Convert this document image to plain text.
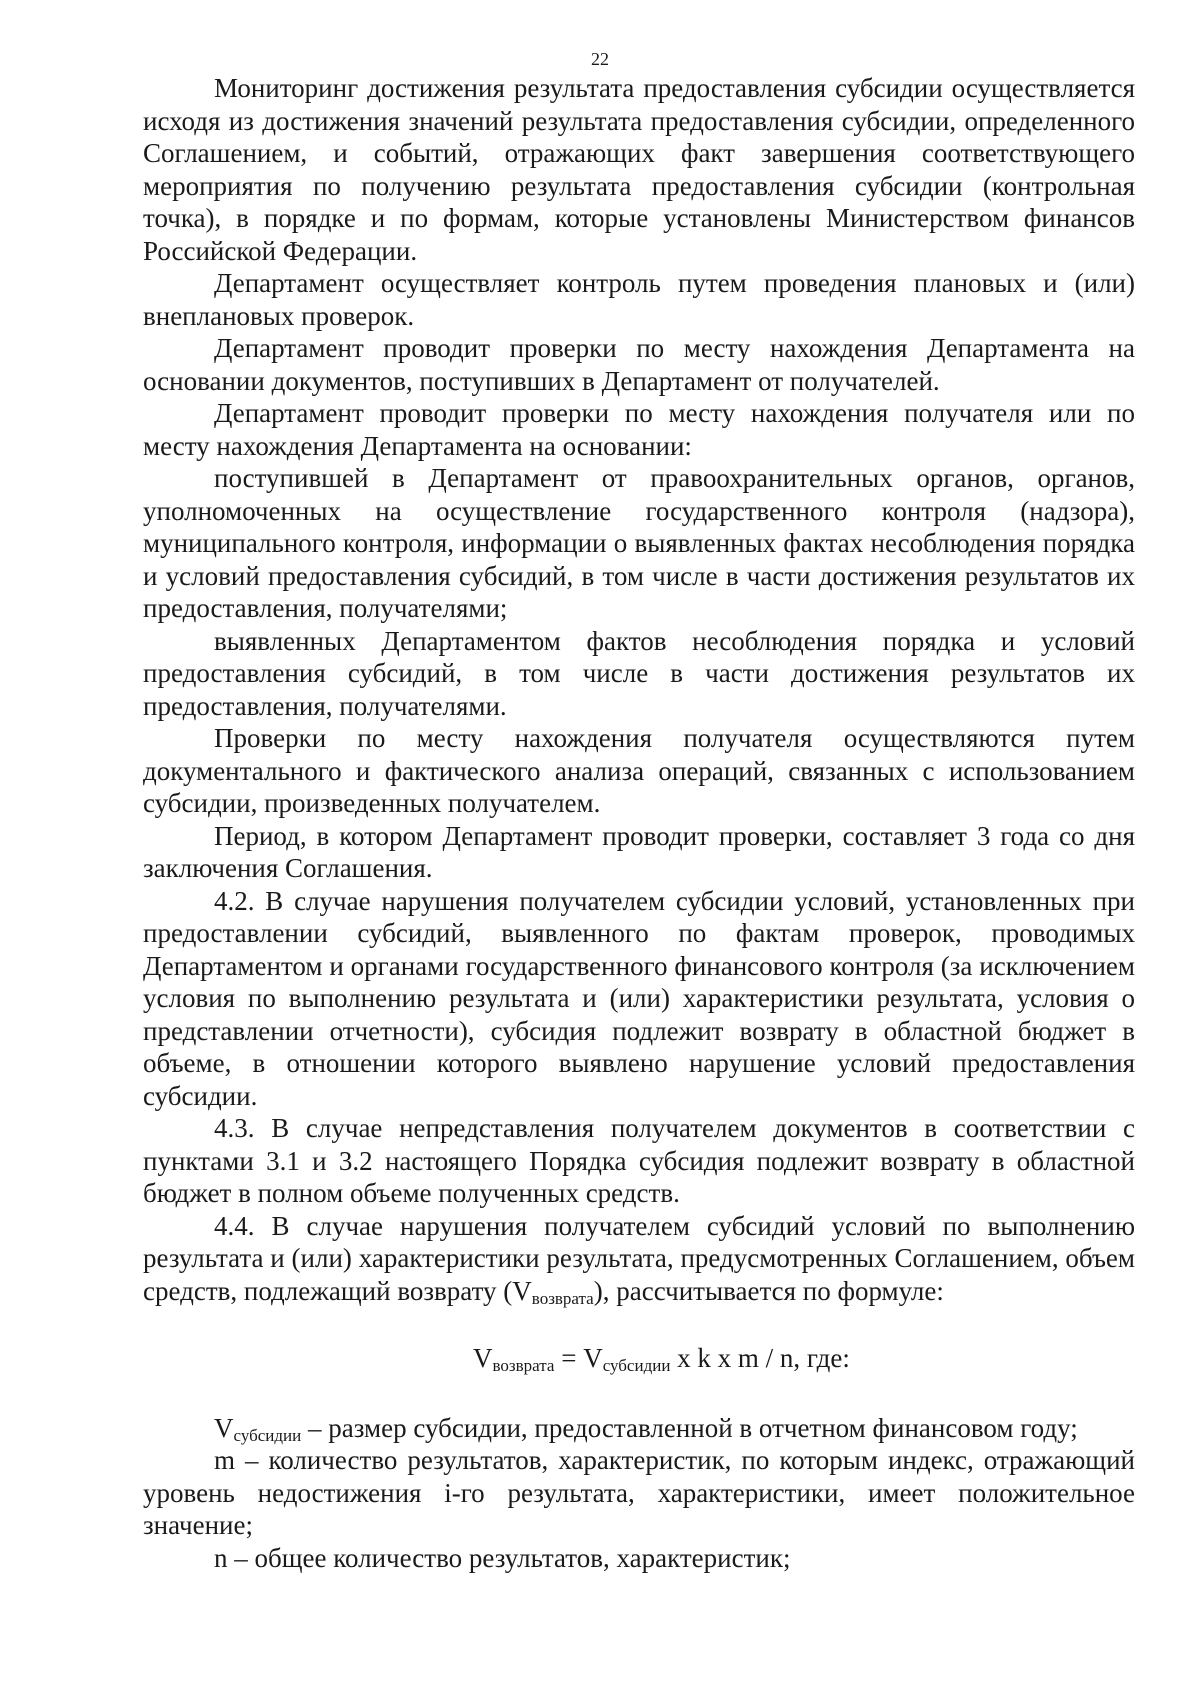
22

Мониторинг достижения результата предоставления субсидии осуществляется исходя из достижения значений результата предоставления субсидии, определенного Соглашением, и событий, отражающих факт завершения соответствующего мероприятия по получению результата предоставления субсидии (контрольная точка), в порядке и по формам, которые установлены Министерством финансов Российской Федерации.

Департамент осуществляет контроль путем проведения плановых и (или) внеплановых проверок.

Департамент проводит проверки по месту нахождения Департамента на основании документов, поступивших в Департамент от получателей.

Департамент проводит проверки по месту нахождения получателя или по месту нахождения Департамента на основании:

поступившей в Департамент от правоохранительных органов, органов, уполномоченных на осуществление государственного контроля (надзора), муниципального контроля, информации о выявленных фактах несоблюдения порядка и условий предоставления субсидий, в том числе в части достижения результатов их предоставления, получателями;

выявленных Департаментом фактов несоблюдения порядка и условий предоставления субсидий, в том числе в части достижения результатов их предоставления, получателями.

Проверки по месту нахождения получателя осуществляются путем документального и фактического анализа операций, связанных с использованием субсидии, произведенных получателем.

Период, в котором Департамент проводит проверки, составляет 3 года со дня заключения Соглашения.

4.2. В случае нарушения получателем субсидии условий, установленных при предоставлении субсидий, выявленного по фактам проверок, проводимых Департаментом и органами государственного финансового контроля (за исключением условия по выполнению результата и (или) характеристики результата, условия о представлении отчетности), субсидия подлежит возврату в областной бюджет в объеме, в отношении которого выявлено нарушение условий предоставления субсидии.

4.3. В случае непредставления получателем документов в соответствии с пунктами 3.1 и 3.2 настоящего Порядка субсидия подлежит возврату в областной бюджет в полном объеме полученных средств.

4.4. В случае нарушения получателем субсидий условий по выполнению результата и (или) характеристики результата, предусмотренных Соглашением, объем средств, подлежащий возврату $(V_{возврата})$, рассчитывается по формуле:

$V_{возврата} = V_{субсидии}$ x k x m / n, где:

$V_{субсидии}$ – размер субсидии, предоставленной в отчетном финансовом году;

m – количество результатов, характеристик, по которым индекс, отражающий уровень недостижения i-го результата, характеристики, имеет положительное значение;

n – общее количество результатов, характеристик;
